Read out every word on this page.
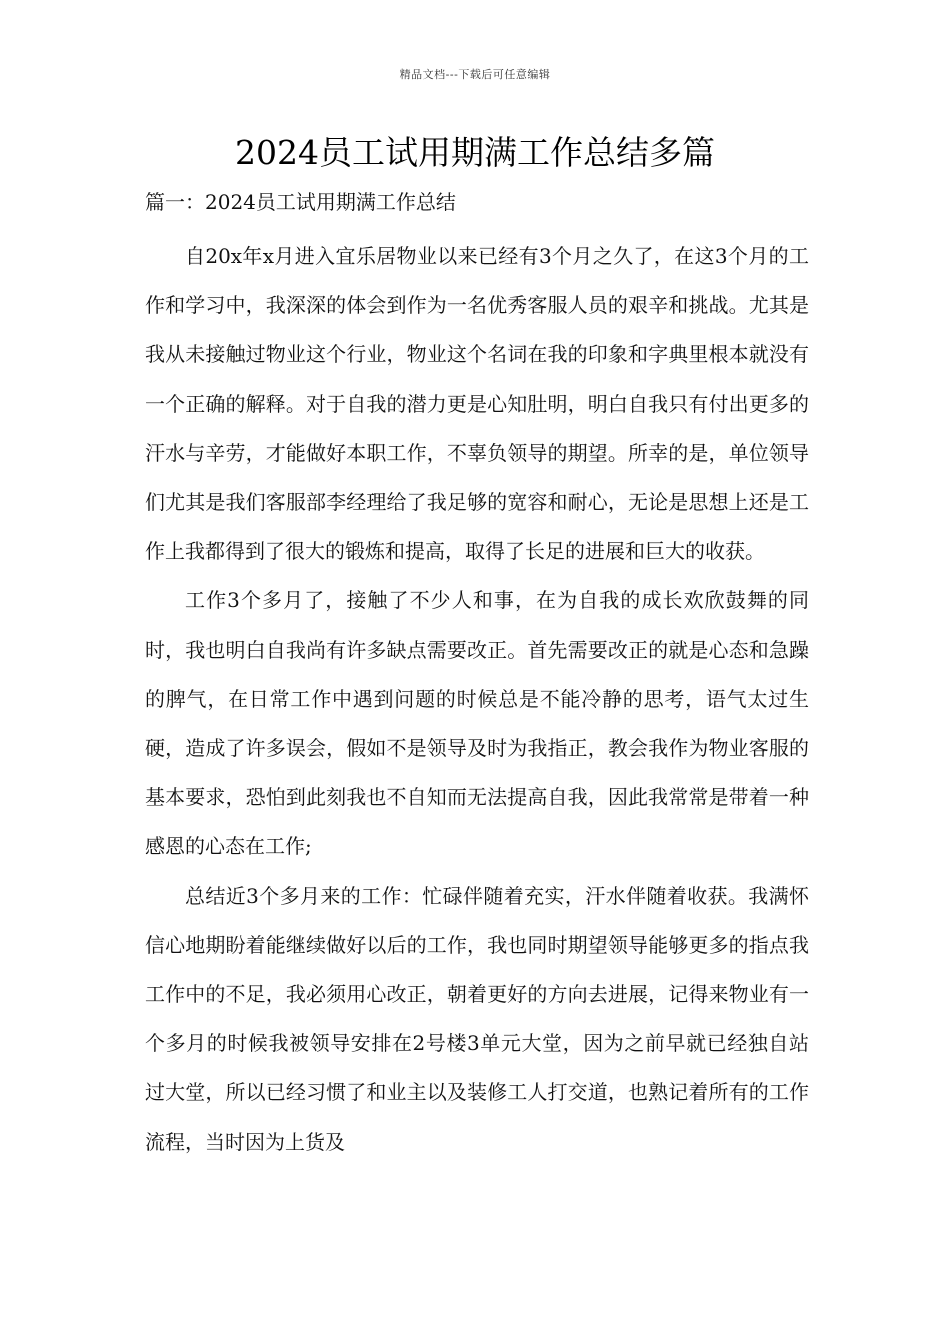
精品文档---下载后可任意编辑
2024员工试用期满工作总结多篇
篇一：2024员工试用期满工作总结

自20x年x月进入宜乐居物业以来已经有3个月之久了，在这3个月的工作和学习中，我深深的体会到作为一名优秀客服人员的艰辛和挑战。尤其是我从未接触过物业这个行业，物业这个名词在我的印象和字典里根本就没有一个正确的解释。对于自我的潜力更是心知肚明，明白自我只有付出更多的汗水与辛劳，才能做好本职工作，不辜负领导的期望。所幸的是，单位领导们尤其是我们客服部李经理给了我足够的宽容和耐心，无论是思想上还是工作上我都得到了很大的锻炼和提高，取得了长足的进展和巨大的收获。

工作3个多月了，接触了不少人和事，在为自我的成长欢欣鼓舞的同时，我也明白自我尚有许多缺点需要改正。首先需要改正的就是心态和急躁的脾气，在日常工作中遇到问题的时候总是不能冷静的思考，语气太过生硬，造成了许多误会，假如不是领导及时为我指正，教会我作为物业客服的基本要求，恐怕到此刻我也不自知而无法提高自我，因此我常常是带着一种感恩的心态在工作;

总结近3个多月来的工作：忙碌伴随着充实，汗水伴随着收获。我满怀信心地期盼着能继续做好以后的工作，我也同时期望领导能够更多的指点我工作中的不足，我必须用心改正，朝着更好的方向去进展，记得来物业有一个多月的时候我被领导安排在2号楼3单元大堂，因为之前早就已经独自站过大堂，所以已经习惯了和业主以及装修工人打交道，也熟记着所有的工作流程，当时因为上货及
